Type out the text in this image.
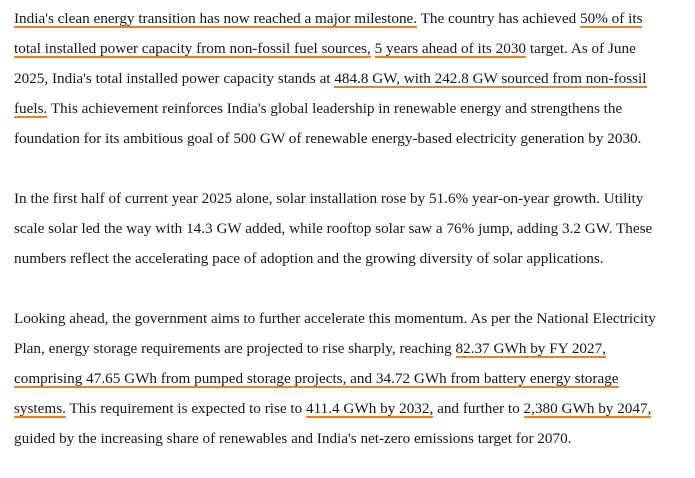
India's clean energy transition has now reached a major milestone. The country has achieved 50% of its total installed power capacity from non-fossil fuel sources, 5 years ahead of its 2030 target. As of June 2025, India's total installed power capacity stands at 484.8 GW, with 242.8 GW sourced from non-fossil fuels. This achievement reinforces India's global leadership in renewable energy and strengthens the foundation for its ambitious goal of 500 GW of renewable energy-based electricity generation by 2030.

In the first half of current year 2025 alone, solar installation rose by 51.6% year-on-year growth. Utility scale solar led the way with 14.3 GW added, while rooftop solar saw a 76% jump, adding 3.2 GW. These numbers reflect the accelerating pace of adoption and the growing diversity of solar applications.

Looking ahead, the government aims to further accelerate this momentum. As per the National Electricity Plan, energy storage requirements are projected to rise sharply, reaching 82.37 GWh by FY 2027, comprising 47.65 GWh from pumped storage projects, and 34.72 GWh from battery energy storage systems. This requirement is expected to rise to 411.4 GWh by 2032, and further to 2,380 GWh by 2047, guided by the increasing share of renewables and India's net-zero emissions target for 2070.
